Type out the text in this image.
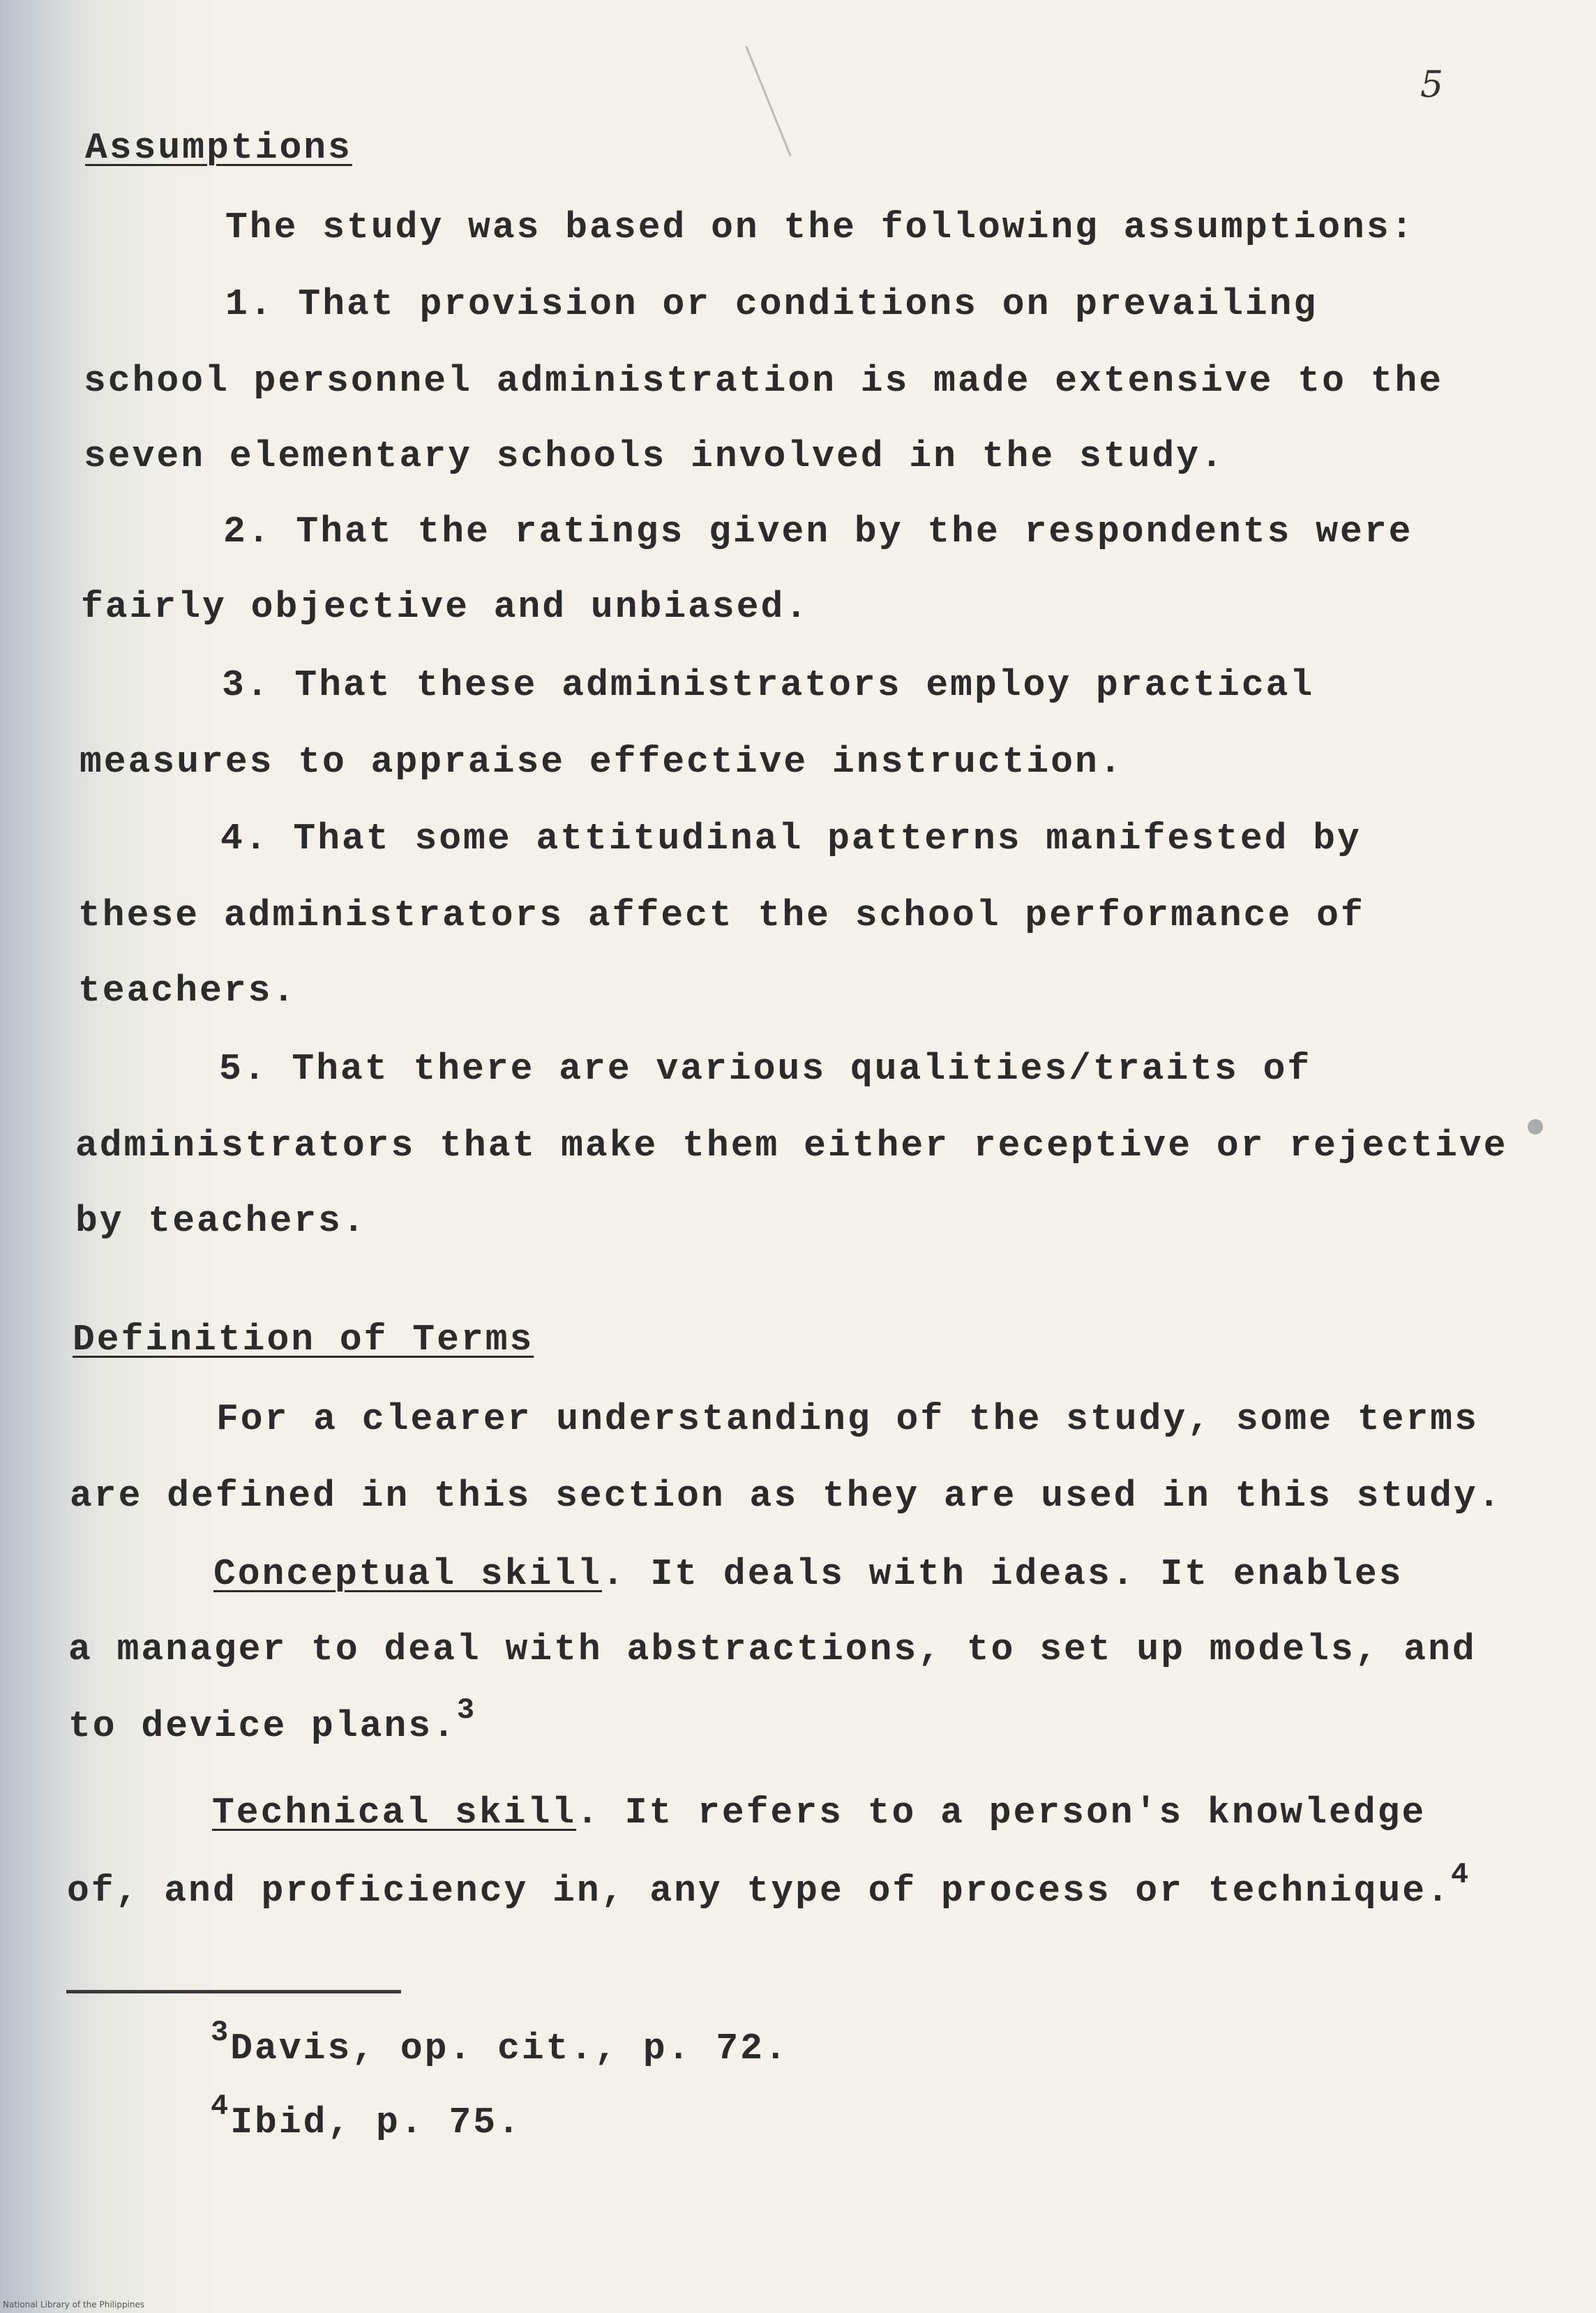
5
Assumptions
The study was based on the following assumptions:
1. That provision or conditions on prevailing
school personnel administration is made extensive to the
seven elementary schools involved in the study.
2. That the ratings given by the respondents were
fairly objective and unbiased.
3. That these administrators employ practical
measures to appraise effective instruction.
4. That some attitudinal patterns manifested by
these administrators affect the school performance of
teachers.
5. That there are various qualities/traits of
administrators that make them either receptive or rejective
by teachers.
Definition of Terms
For a clearer understanding of the study, some terms
are defined in this section as they are used in this study.
Conceptual skill. It deals with ideas. It enables
a manager to deal with abstractions, to set up models, and
to device plans.$^3$
Technical skill. It refers to a person's knowledge
of, and proficiency in, any type of process or technique.$^4$
$^3$Davis, op. cit., p. 72.
$^4$Ibid, p. 75.
National Library of the Philippines
